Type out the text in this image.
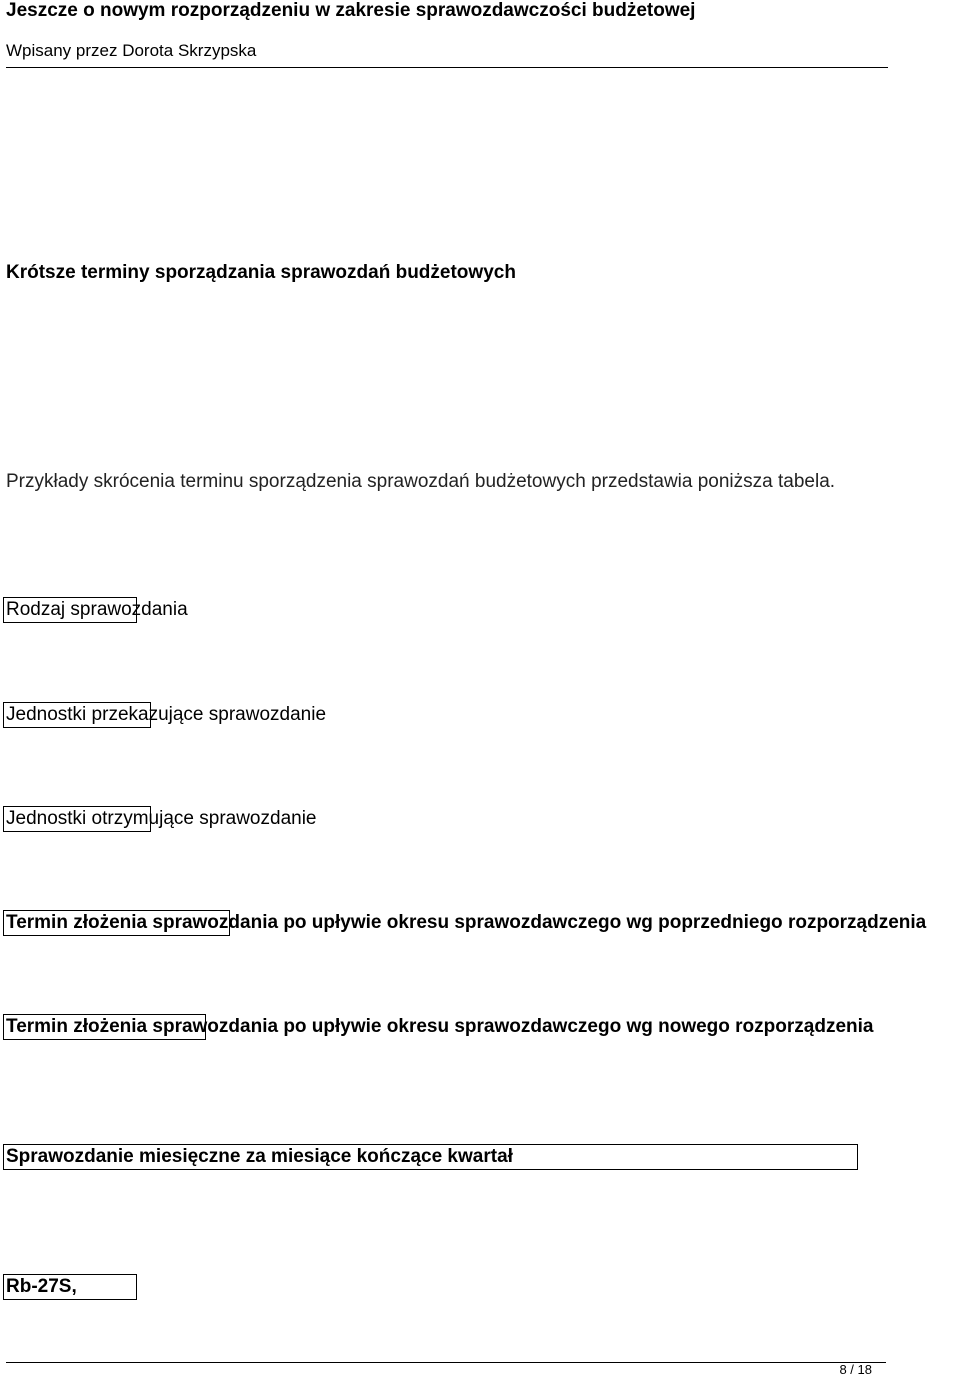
Jeszcze o nowym rozporządzeniu w zakresie sprawozdawczości budżetowej
Wpisany przez Dorota Skrzypska
Krótsze terminy sporządzania sprawozdań budżetowych
Przykłady skrócenia terminu sporządzenia sprawozdań budżetowych przedstawia poniższa tabela.
Rodzaj sprawozdania
Jednostki przekazujące sprawozdanie
Jednostki otrzymujące sprawozdanie
Termin złożenia sprawozdania po upływie okresu sprawozdawczego wg poprzedniego rozporządzenia
Termin złożenia sprawozdania po upływie okresu sprawozdawczego wg nowego rozporządzenia
Sprawozdanie miesięczne za miesiące kończące kwartał
Rb-27S,
8 / 18
